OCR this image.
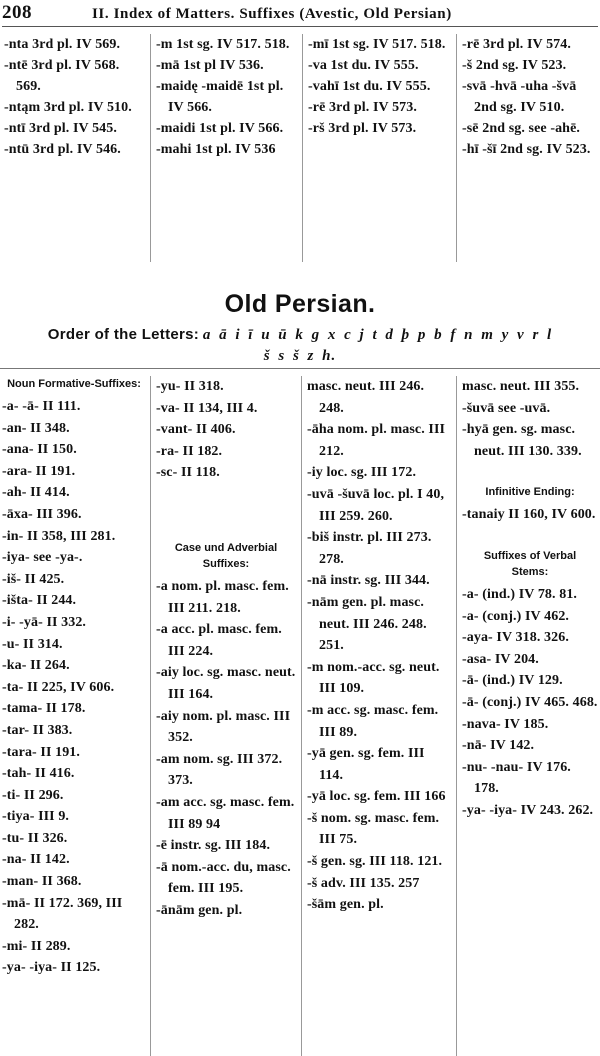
208	II. Index of Matters. Suffixes (Avestic, Old Persian)
-nta 3rd pl. IV 569.
-ntē 3rd pl. IV 568. 569.
-ntąm 3rd pl. IV 510.
-ntī 3rd pl. IV 545.
-ntū 3rd pl. IV 546.
-m 1st sg. IV 517. 518.
-mā 1st pl IV 536.
-maidę -maidē 1st pl. IV 566.
-maidi 1st pl. IV 566.
-mahi 1st pl. IV 536
-mī 1st sg. IV 517. 518.
-va 1st du. IV 555.
-vahī 1st du. IV 555.
-rē 3rd pl. IV 573.
-rš 3rd pl. IV 573.
-rē 3rd pl. IV 574.
-š 2nd sg. IV 523.
-svā -hvā -uha -švā 2nd sg. IV 510.
-sē 2nd sg. see -ahē.
-hī -šī 2nd sg. IV 523.
Old Persian.
Order of the Letters: a ā i ī u ū k g x c j t d þ p b f n m y v r l
š s š z h.
Noun Formative-Suffixes:
-a- -ā- II 111.
-an- II 348.
-ana- II 150.
-ara- II 191.
-ah- II 414.
-āxa- III 396.
-in- II 358, III 281.
-iya- see -ya-.
-iš- II 425.
-išta- II 244.
-i- -yā- II 332.
-u- II 314.
-ka- II 264.
-ta- II 225, IV 606.
-tama- II 178.
-tar- II 383.
-tara- II 191.
-tah- II 416.
-ti- II 296.
-tiya- III 9.
-tu- II 326.
-na- II 142.
-man- II 368.
-mā- II 172. 369, III 282.
-mi- II 289.
-ya- -iya- II 125.
-yu- II 318.
-va- II 134, III 4.
-vant- II 406.
-ra- II 182.
-sc- II 118.
Case und Adverbial Suffixes:
-a nom. pl. masc. fem. III 211. 218.
-a acc. pl. masc. fem. III 224.
-aiy loc. sg. masc. neut. III 164.
-aiy nom. pl. masc. III 352.
-am nom. sg. III 372. 373.
-am acc. sg. masc. fem. III 89 94
-ē instr. sg. III 184.
-ā nom.-acc. du, masc. fem. III 195.
-ānām gen. pl.
masc. neut. III 246. 248.
-āha nom. pl. masc. III 212.
-iy loc. sg. III 172.
-uvā -šuvā loc. pl. I 40, III 259. 260.
-biš instr. pl. III 273. 278.
-nā instr. sg. III 344.
-nām gen. pl. masc. neut. III 246. 248. 251.
-m nom.-acc. sg. neut. III 109.
-m acc. sg. masc. fem. III 89.
-yā gen. sg. fem. III 114.
-yā loc. sg. fem. III 166
-š nom. sg. masc. fem. III 75.
-š gen. sg. III 118. 121.
-š adv. III 135. 257
-šām gen. pl.
masc. neut. III 355.
-šuvā see -uvā.
-hyā gen. sg. masc. neut. III 130. 339.
Infinitive Ending:
-tanaiy II 160, IV 600.
Suffixes of Verbal Stems:
-a- (ind.) IV 78. 81.
-a- (conj.) IV 462.
-aya- IV 318. 326.
-asa- IV 204.
-ā- (ind.) IV 129.
-ā- (conj.) IV 465. 468.
-nava- IV 185.
-nā- IV 142.
-nu- -nau- IV 176. 178.
-ya- -iya- IV 243. 262.
